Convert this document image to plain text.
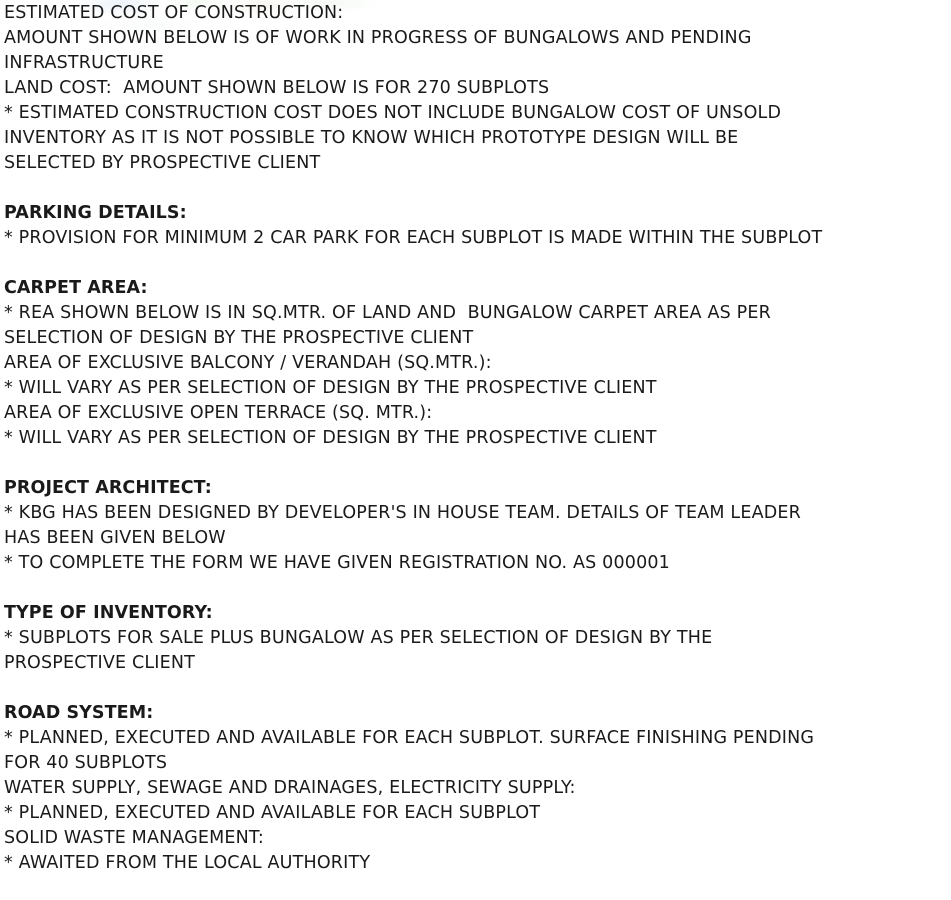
ESTIMATED COST OF CONSTRUCTION:
AMOUNT SHOWN BELOW IS OF WORK IN PROGRESS OF BUNGALOWS AND PENDING
INFRASTRUCTURE
LAND COST:  AMOUNT SHOWN BELOW IS FOR 270 SUBPLOTS
* ESTIMATED CONSTRUCTION COST DOES NOT INCLUDE BUNGALOW COST OF UNSOLD
INVENTORY AS IT IS NOT POSSIBLE TO KNOW WHICH PROTOTYPE DESIGN WILL BE
SELECTED BY PROSPECTIVE CLIENT
PARKING DETAILS:
* PROVISION FOR MINIMUM 2 CAR PARK FOR EACH SUBPLOT IS MADE WITHIN THE SUBPLOT
CARPET AREA:
* REA SHOWN BELOW IS IN SQ.MTR. OF LAND AND  BUNGALOW CARPET AREA AS PER
SELECTION OF DESIGN BY THE PROSPECTIVE CLIENT
AREA OF EXCLUSIVE BALCONY / VERANDAH (SQ.MTR.):
* WILL VARY AS PER SELECTION OF DESIGN BY THE PROSPECTIVE CLIENT
AREA OF EXCLUSIVE OPEN TERRACE (SQ. MTR.):
* WILL VARY AS PER SELECTION OF DESIGN BY THE PROSPECTIVE CLIENT
PROJECT ARCHITECT:
* KBG HAS BEEN DESIGNED BY DEVELOPER'S IN HOUSE TEAM. DETAILS OF TEAM LEADER
HAS BEEN GIVEN BELOW
* TO COMPLETE THE FORM WE HAVE GIVEN REGISTRATION NO. AS 000001
TYPE OF INVENTORY:
* SUBPLOTS FOR SALE PLUS BUNGALOW AS PER SELECTION OF DESIGN BY THE
PROSPECTIVE CLIENT
ROAD SYSTEM:
* PLANNED, EXECUTED AND AVAILABLE FOR EACH SUBPLOT. SURFACE FINISHING PENDING
FOR 40 SUBPLOTS
WATER SUPPLY, SEWAGE AND DRAINAGES, ELECTRICITY SUPPLY:
* PLANNED, EXECUTED AND AVAILABLE FOR EACH SUBPLOT
SOLID WASTE MANAGEMENT:
* AWAITED FROM THE LOCAL AUTHORITY
